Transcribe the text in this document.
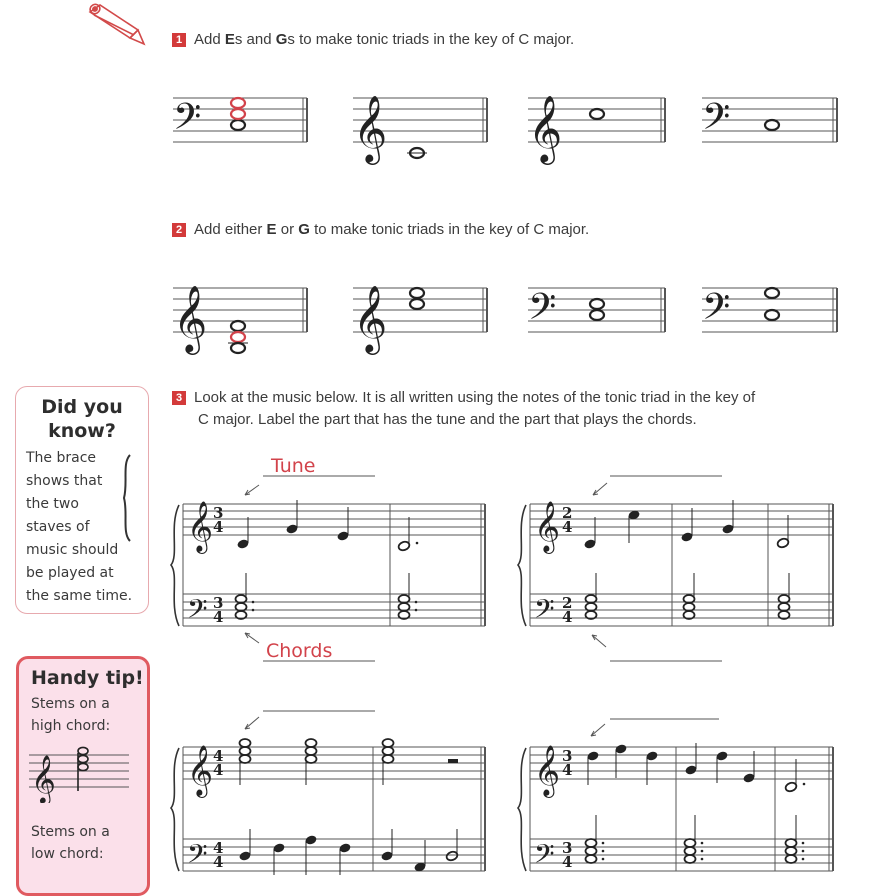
1 Add Es and Gs to make tonic triads in the key of C major.
𝄢	𝄞 𝄞	𝄢
2 Add either E or G to make tonic triads in the key of C major.
𝄞	𝄞	𝄢	𝄢
Did you
know?
The brace
shows that
the two
staves of
music should
be played at
the same time.
3 Look at the music below. It is all written using the notes of the tonic triad in the key of
C major. Label the part that has the tune and the part that plays the chords.
Tune
Chords
𝄞
𝄢
3
4
3
4
𝄞
𝄢
2
4
2
4
Handy tip!
Stems on a
high chord:
𝄞
Stems on a
low chord:
𝄞
𝄢
4
4
4
4
𝄞
𝄢
3
4
3
4
